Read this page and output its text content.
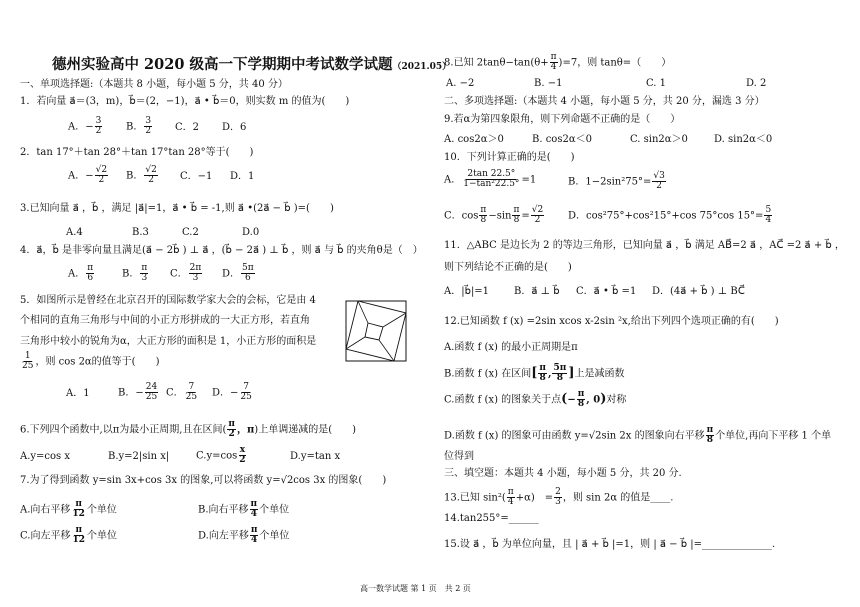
德州实验高中 2020 级高一下学期期中考试数学试题（2021.05）
一、单项选择题:（本题共 8 小题，每小题 5 分，共 40 分）
1．若向量 a⃗＝(3，m)，b⃗＝(2，−1)，a⃗ • b⃗＝0，则实数 m 的值为(　　)
A．− $\frac{3}{2}$ B． $\frac{3}{2}$ C．2 D．6
2．tan 17°＋tan 28°＋tan 17°tan 28°等于(　　)
A．− $\frac{√2}{2}$ B． $\frac{√2}{2}$ C．−1 D．1
3.已知向量 a⃗ ，b⃗ ，满足 |a⃗|=1，a⃗ • b⃗ = -1,则 a⃗ •(2a⃗ − b⃗ )=(　　)
A.4	B.3	C.2	D.0
4．a⃗，b⃗ 是非零向量且满足(a⃗ − 2b⃗ ) ⊥ a⃗ ，(b⃗ − 2a⃗ ) ⊥ b⃗ ，则 a⃗ 与 b⃗ 的夹角θ是（　）
A． $\frac{\pi}{6}$	B． $\frac{\pi}{3}$ C． $\frac{2\pi}{3}$ D． $\frac{5\pi}{6}$
5．如图所示是曾经在北京召开的国际数学家大会的会标，它是由 4
个相同的直角三角形与中间的小正方形拼成的一大正方形，若直角
三角形中较小的锐角为α，大正方形的面积是 1，小正方形的面积是
$\frac{1}{25}$ ，则 cos 2α的值等于(　　)
A．1	B．− $\frac{24}{25}$ C． $\frac{7}{25}$ D．− $\frac{7}{25}$
6.下列四个函数中,以π为最小正周期,且在区间( $\frac{\pi}{2}$ ，π)上单调递减的是(　　)
A.y=cos x	B.y=2|sin x|	$C.y=\cos \frac{x}{2}$	D.y=tan x
7.为了得到函数 y=sin 3x+cos 3x 的图象,可以将函数 y=√2cos 3x 的图象(　　)
A.向右平移 $\frac{\pi}{12}$ 个单位	B.向右平移 $\frac{\pi}{4}$ 个单位
C.向左平移 $\frac{\pi}{12}$ 个单位	D.向左平移 $\frac{\pi}{4}$ 个单位
8.已知 $2\tan\theta-\tan(\theta+ \frac{\pi}{4} )=7$，则 tanθ=（　　）
A. −2	B. −1	C. 1	D. 2
二、多项选择题:（本题共 4 小题，每小题 5 分，共 20 分，漏选 3 分）
9.若α为第四象限角，则下列命题不正确的是（　　）
A. cos2α＞0	B. cos2α＜0	C. sin2α＞0	D. sin2α＜0
10．下列计算正确的是(　　)
A． $\frac{2\tan 22.5^\circ}{\text{1−tan²22.5°}} =1$	B．$1-2\sin^275^\circ= \frac{√3}{2}$
C．$\cos \frac{\pi}{8} -\sin \frac{\pi}{8} = \frac{√2}{2}$ D．cos²75°+cos²15°+cos 75°cos $15^\circ= \frac{5}{4}$
11．△ABC 是边长为 2 的等边三角形，已知向量 a⃗ ，b⃗ 满足 AB⃗=2 a⃗ ，AC⃗ =2 a⃗ + b⃗ ，
则下列结论不正确的是(　　)
A．|b⃗|=1 B．a⃗ ⊥ b⃗ C．a⃗ • b⃗ =1 D．(4a⃗ + b⃗ ) ⊥ BC⃗
12.已知函数 f (x) =2sin xcos x-2sin ²x,给出下列四个选项正确的有(　　)
A.函数 f (x) 的最小正周期是π
B.函数 f (x) 在区间[ $\frac{\pi}{8}$ , $\frac{5\pi}{8}$ ]上是减函数
C.函数 f (x) 的图象关于点(− $\frac{\pi}{8}$ , 0)对称
D.函数 f (x) 的图象可由函数 y=√2sin 2x 的图象向右平移 $\frac{\pi}{8}$ 个单位,再向下平移 1 个单
位得到
三、填空题：本题共 4 小题，每小题 5 分，共 20 分.
13.已知 $\sin^2( \frac{\pi}{4} +\alpha)$　= $\frac{2}{3}$ ，则 sin 2α 的值是____.
14.tan255°=______
15.设 a⃗ ，b⃗ 为单位向量，且 | a⃗ + b⃗ |=1，则 | a⃗ − b⃗ |=______________.
高一数学试题 第 1 页　共 2 页
